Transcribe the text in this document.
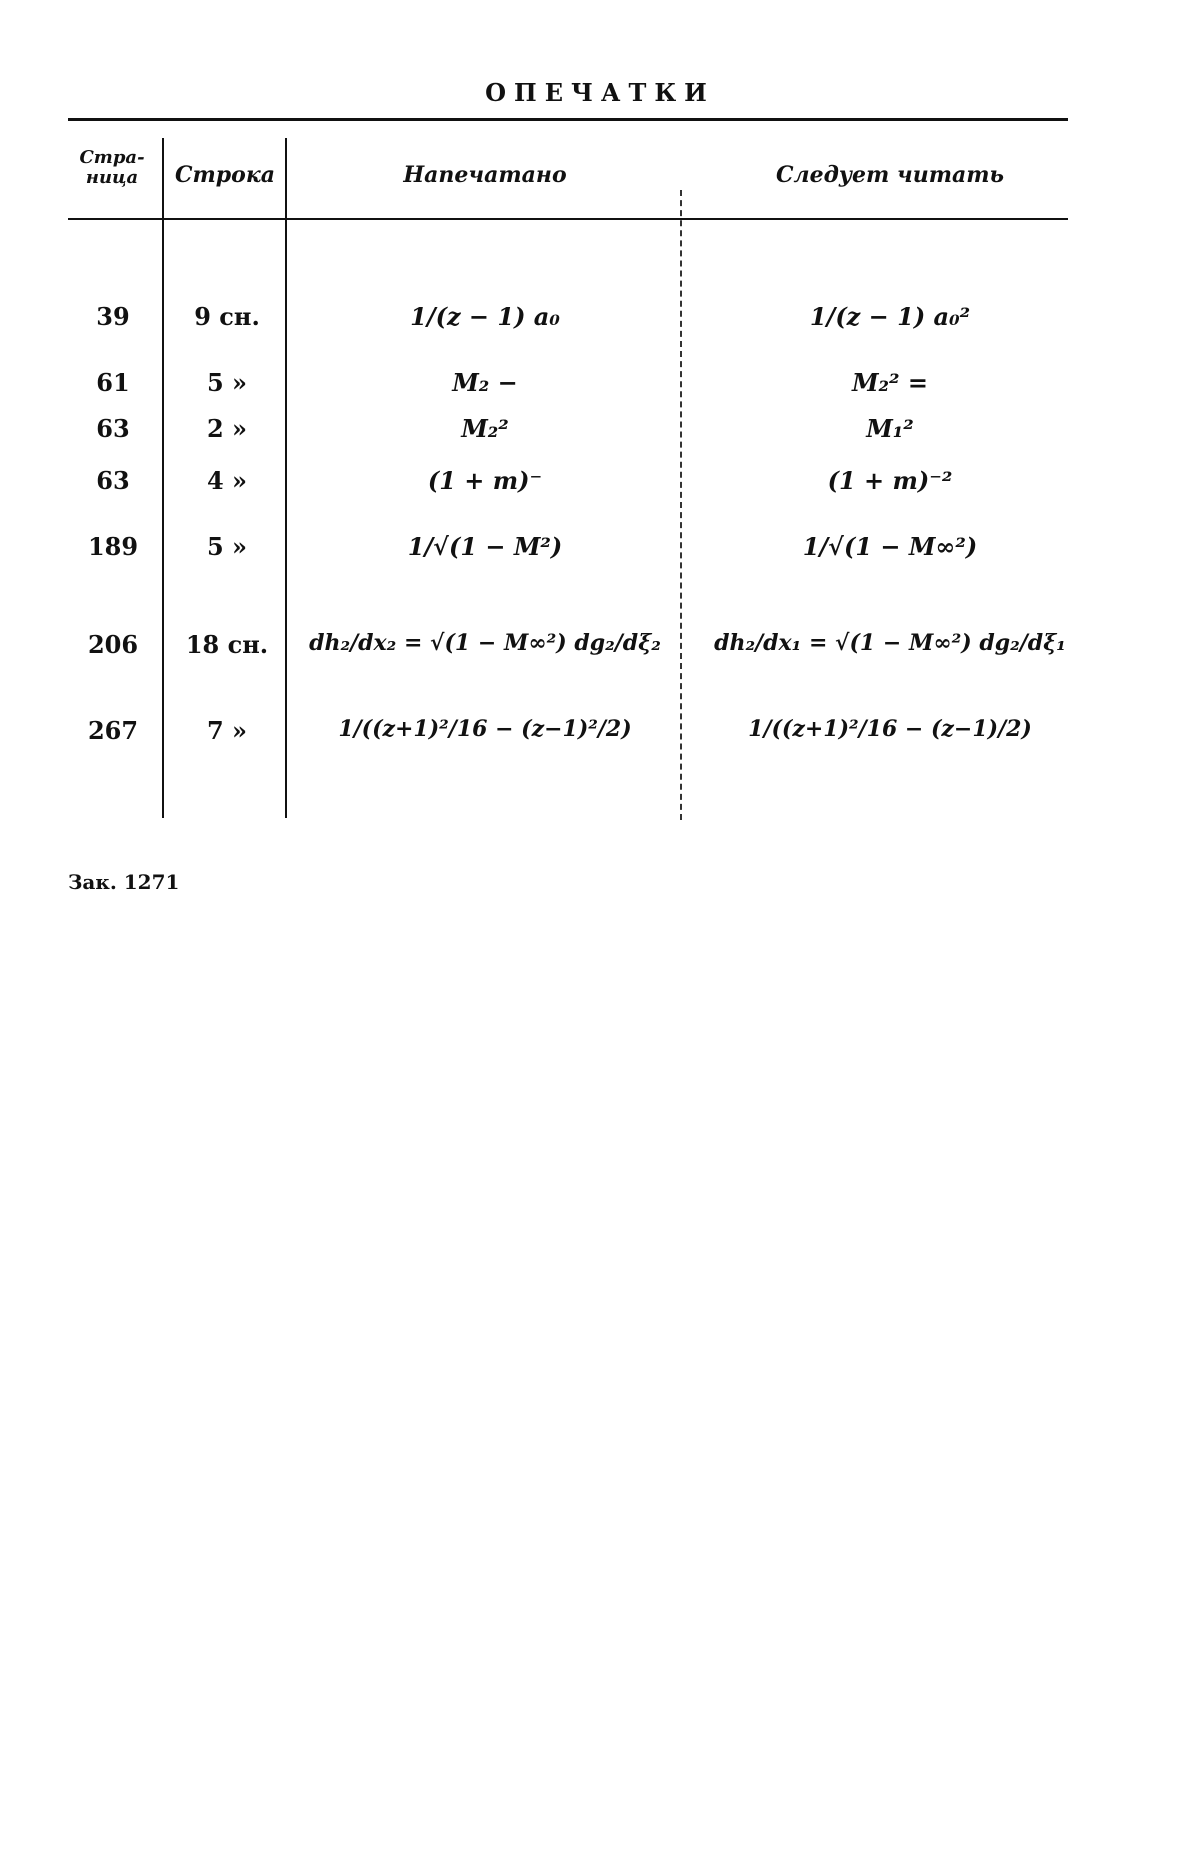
ОПЕЧАТКИ
Стра-ница	Строка	Напечатано	Следует читать
39	9 сн.	1/(z − 1) a₀	1/(z − 1) a₀²
61	5 »	M₂ −	M₂² =
63	2 »	M₂²	M₁²
63	4 »	(1 + m)⁻	(1 + m)⁻²
189	5 »	1/√(1 − M²)	1/√(1 − M∞²)
206	18 сн.	dh₂/dx₂ = √(1 − M∞²) dg₂/dξ₂	dh₂/dx₁ = √(1 − M∞²) dg₂/dξ₁
267	7 »	1/((z+1)²/16 − (z−1)²/2)	1/((z+1)²/16 − (z−1)/2)
Зак. 1271
